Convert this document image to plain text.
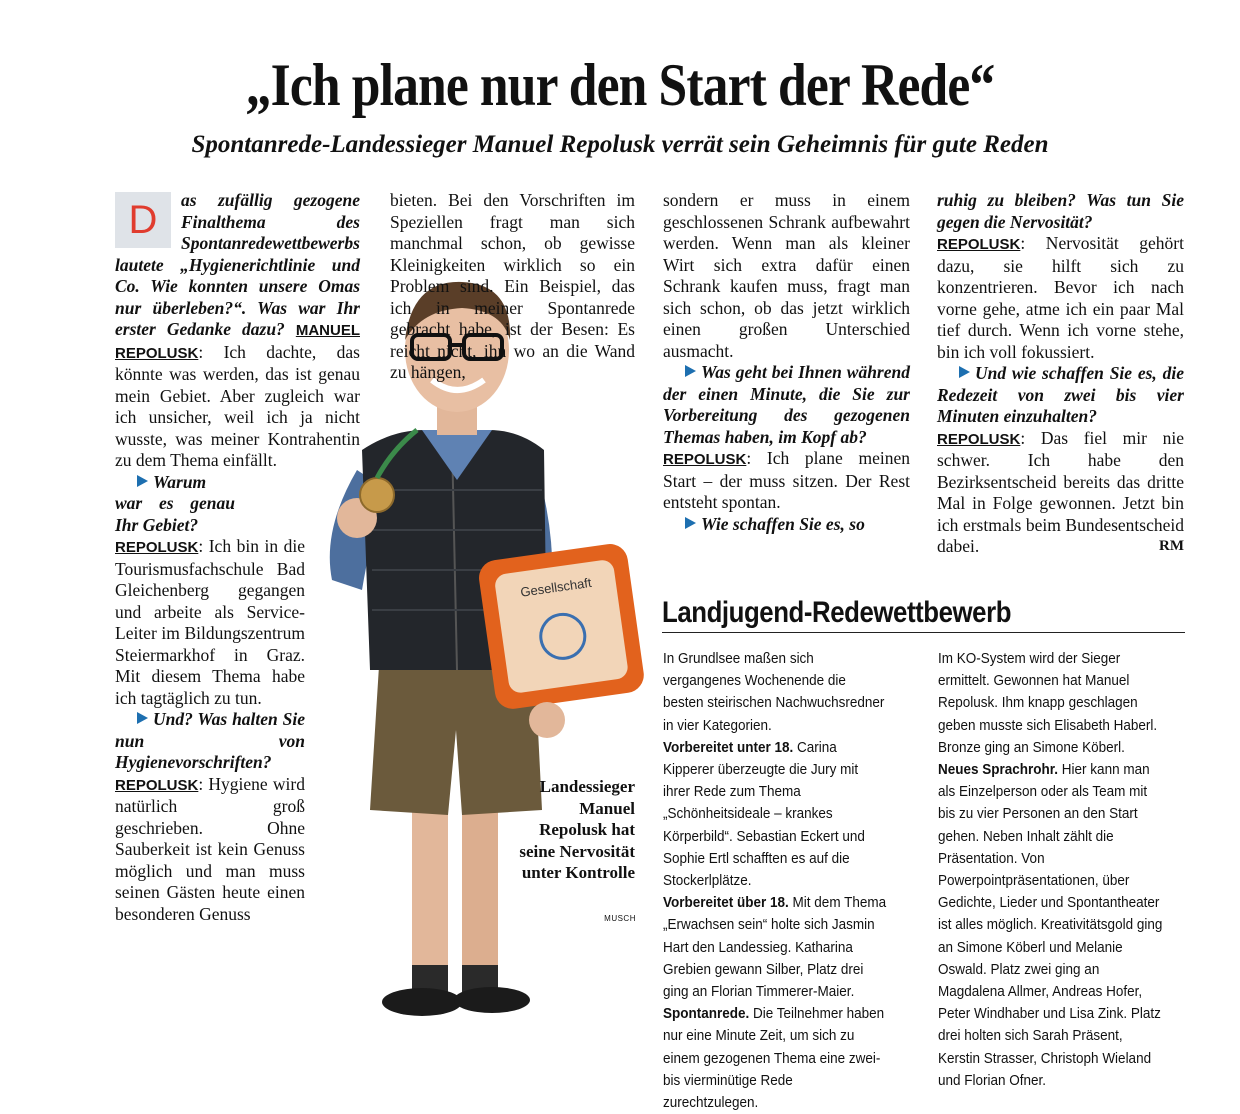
„Ich plane nur den Start der Rede“
Spontanrede-Landessieger Manuel Repolusk verrät sein Geheimnis für gute Reden
Gesellschaft
D	as zufällig gezogene Finalthema des Spontanredewettbewerbs lautete „Hygienerichtlinie und Co. Wie konnten unsere Omas nur überleben?“. Was war Ihr erster Gedanke dazu? MANUEL REPOLUSK: Ich dachte, das könnte was werden, das ist genau mein Gebiet. Aber zugleich war ich unsicher, weil ich ja nicht wusste, was meiner Kontrahentin zu dem Thema einfällt.

Warum war es genau Ihr Gebiet?

REPOLUSK: Ich bin in die Tourismusfachschule Bad Gleichenberg gegangen und arbeite als Service-Leiter im Bildungszentrum Steiermarkhof in Graz. Mit diesem Thema habe ich tagtäglich zu tun.

Und? Was halten Sie nun von Hygienevorschriften?

REPOLUSK: Hygiene wird natürlich groß geschrieben. Ohne Sauberkeit ist kein Genuss möglich und man muss seinen Gästen heute einen besonderen Genuss

bieten. Bei den Vorschriften im Speziellen fragt man sich manchmal schon, ob gewisse Kleinigkeiten wirklich so ein Problem sind. Ein Beispiel, das ich in meiner Spontanrede gebracht habe, ist der Besen: Es reicht nicht, ihn wo an die Wand zu hängen,
Landessieger Manuel Repolusk hat seine Nervosität unter Kontrolle
MUSCH

sondern er muss in einem geschlossenen Schrank aufbewahrt werden. Wenn man als kleiner Wirt sich extra dafür einen Schrank kaufen muss, fragt man sich schon, ob das jetzt wirklich einen großen Unterschied ausmacht.

Was geht bei Ihnen während der einen Minute, die Sie zur Vorbereitung des gezogenen Themas haben, im Kopf ab?

REPOLUSK: Ich plane meinen Start – der muss sitzen. Der Rest entsteht spontan.

Wie schaffen Sie es, so

ruhig zu bleiben? Was tun Sie gegen die Nervosität?

REPOLUSK: Nervosität gehört dazu, sie hilft sich zu konzentrieren. Bevor ich nach vorne gehe, atme ich ein paar Mal tief durch. Wenn ich vorne stehe, bin ich voll fokussiert.

Und wie schaffen Sie es, die Redezeit von zwei bis vier Minuten einzuhalten?

REPOLUSK: Das fiel mir nie schwer. Ich habe den Bezirksentscheid bereits das dritte Mal in Folge gewonnen. Jetzt bin ich erstmals beim Bundesentscheid dabei.	RM

Landjugend-Redewettbewerb

In Grundlsee maßen sich vergangenes Wochenende die besten steirischen Nachwuchsredner in vier Kategorien.

Vorbereitet unter 18. Carina Kipperer überzeugte die Jury mit ihrer Rede zum Thema „Schönheitsideale – krankes Körperbild“. Sebastian Eckert und Sophie Ertl schafften es auf die Stockerlplätze.

Vorbereitet über 18. Mit dem Thema „Erwachsen sein“ holte sich Jasmin Hart den Landessieg. Katharina Grebien gewann Silber, Platz drei ging an Florian Timmerer-Maier.

Spontanrede. Die Teilnehmer haben nur eine Minute Zeit, um sich zu einem gezogenen Thema eine zwei- bis vierminütige Rede zurechtzulegen.

Im KO-System wird der Sieger ermittelt. Gewonnen hat Manuel Repolusk. Ihm knapp geschlagen geben musste sich Elisabeth Haberl. Bronze ging an Simone Köberl.

Neues Sprachrohr. Hier kann man als Einzelperson oder als Team mit bis zu vier Personen an den Start gehen. Neben Inhalt zählt die Präsentation. Von Powerpointpräsentationen, über Gedichte, Lieder und Spontantheater ist alles möglich. Kreativitätsgold ging an Simone Köberl und Melanie Oswald. Platz zwei ging an Magdalena Allmer, Andreas Hofer, Peter Windhaber und Lisa Zink. Platz drei holten sich Sarah Präsent, Kerstin Strasser, Christoph Wieland und Florian Ofner.
